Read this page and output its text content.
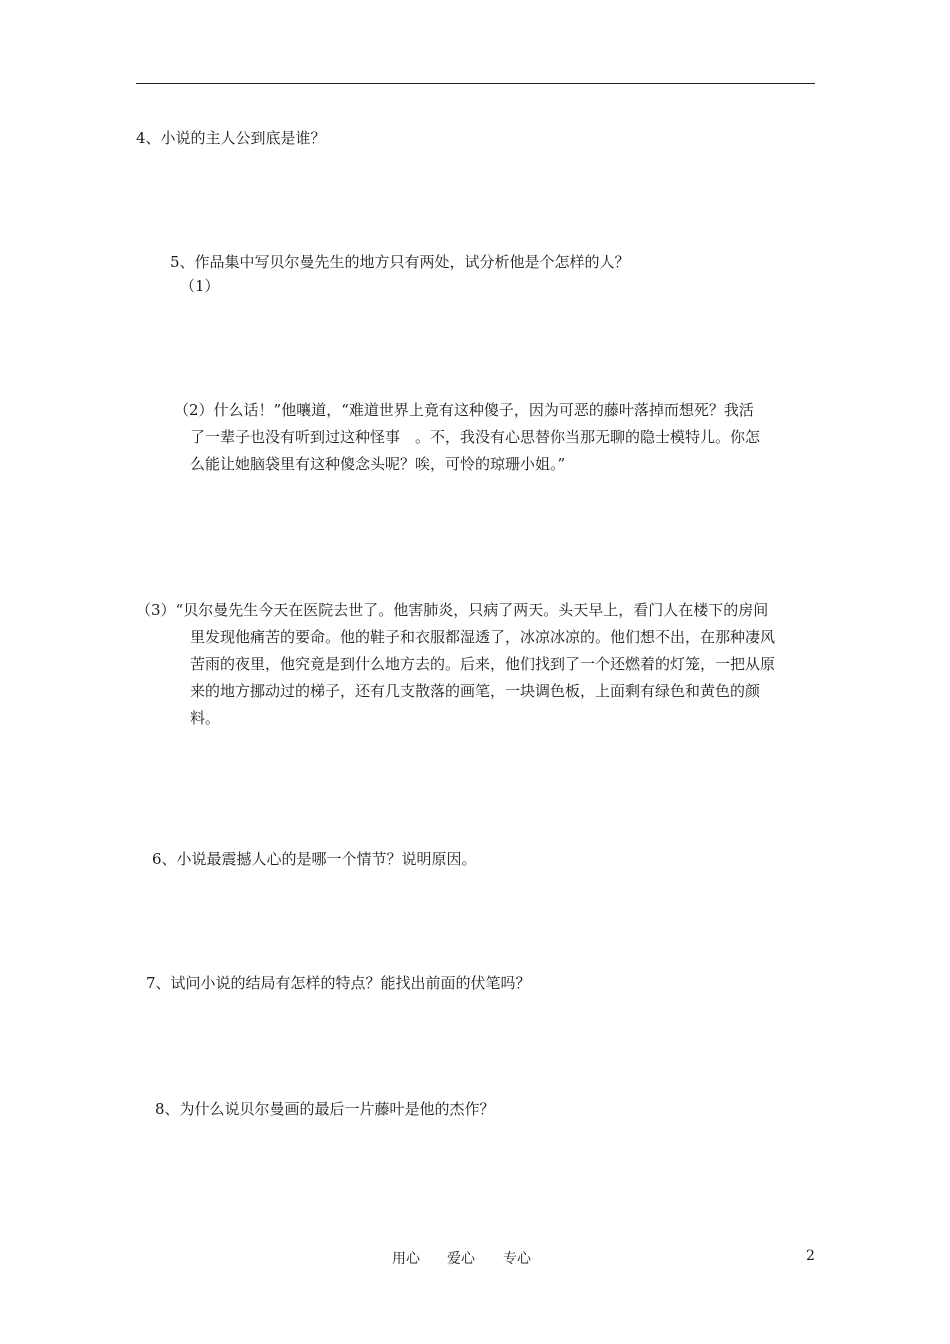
4、小说的主人公到底是谁？

5、作品集中写贝尔曼先生的地方只有两处，试分析他是个怎样的人？

（1）

（2）什么话！”他嚷道，“难道世界上竟有这种傻子，因为可恶的藤叶落掉而想死？我活

了一辈子也没有听到过这种怪事　。不，我没有心思替你当那无聊的隐士模特儿。你怎

么能让她脑袋里有这种傻念头呢？唉，可怜的琼珊小姐。”

（3）“贝尔曼先生今天在医院去世了。他害肺炎，只病了两天。头天早上，看门人在楼下的房间

里发现他痛苦的要命。他的鞋子和衣服都湿透了，冰凉冰凉的。他们想不出，在那种凄风

苦雨的夜里，他究竟是到什么地方去的。后来，他们找到了一个还燃着的灯笼，一把从原

来的地方挪动过的梯子，还有几支散落的画笔，一块调色板，上面剩有绿色和黄色的颜

料。

6、小说最震撼人心的是哪一个情节？说明原因。

7、试问小说的结局有怎样的特点？能找出前面的伏笔吗？

8、为什么说贝尔曼画的最后一片藤叶是他的杰作？

用心 爱心 专心	2
